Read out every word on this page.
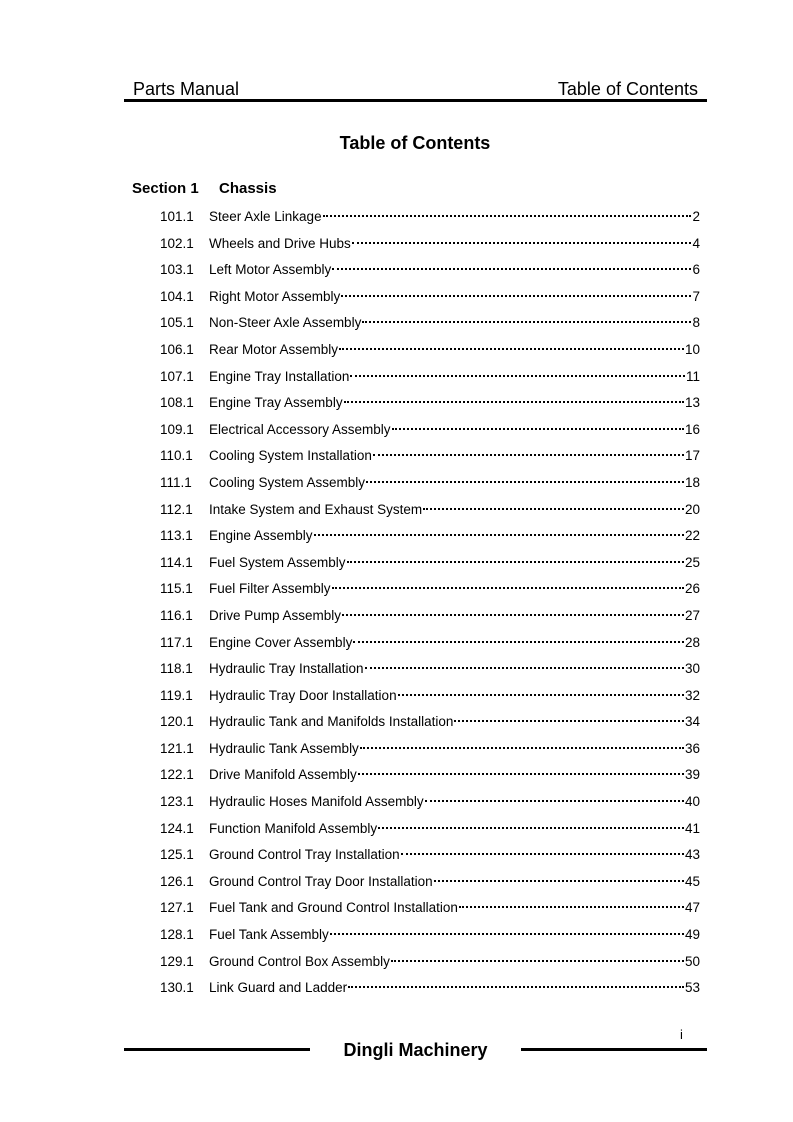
Parts Manual	Table of Contents
Table of Contents
Section 1 Chassis
101.1	Steer Axle Linkage	2
102.1	Wheels and Drive Hubs	4
103.1	Left Motor Assembly	6
104.1	Right Motor Assembly	7
105.1	Non-Steer Axle Assembly	8
106.1	Rear Motor Assembly	10
107.1	Engine Tray Installation	11
108.1	Engine Tray Assembly	13
109.1	Electrical Accessory Assembly	16
110.1	Cooling System Installation	17
111.1	Cooling System Assembly	18
112.1	Intake System and Exhaust System	20
113.1	Engine Assembly	22
114.1	Fuel System Assembly	25
115.1	Fuel Filter Assembly	26
116.1	Drive Pump Assembly	27
117.1	Engine Cover Assembly	28
118.1	Hydraulic Tray Installation	30
119.1	Hydraulic Tray Door Installation	32
120.1	Hydraulic Tank and Manifolds Installation	34
121.1	Hydraulic Tank Assembly	36
122.1	Drive Manifold Assembly	39
123.1	Hydraulic Hoses Manifold Assembly	40
124.1	Function Manifold Assembly	41
125.1	Ground Control Tray Installation	43
126.1	Ground Control Tray Door Installation	45
127.1	Fuel Tank and Ground Control Installation	47
128.1	Fuel Tank Assembly	49
129.1	Ground Control Box Assembly	50
130.1	Link Guard and Ladder	53
i
Dingli Machinery
